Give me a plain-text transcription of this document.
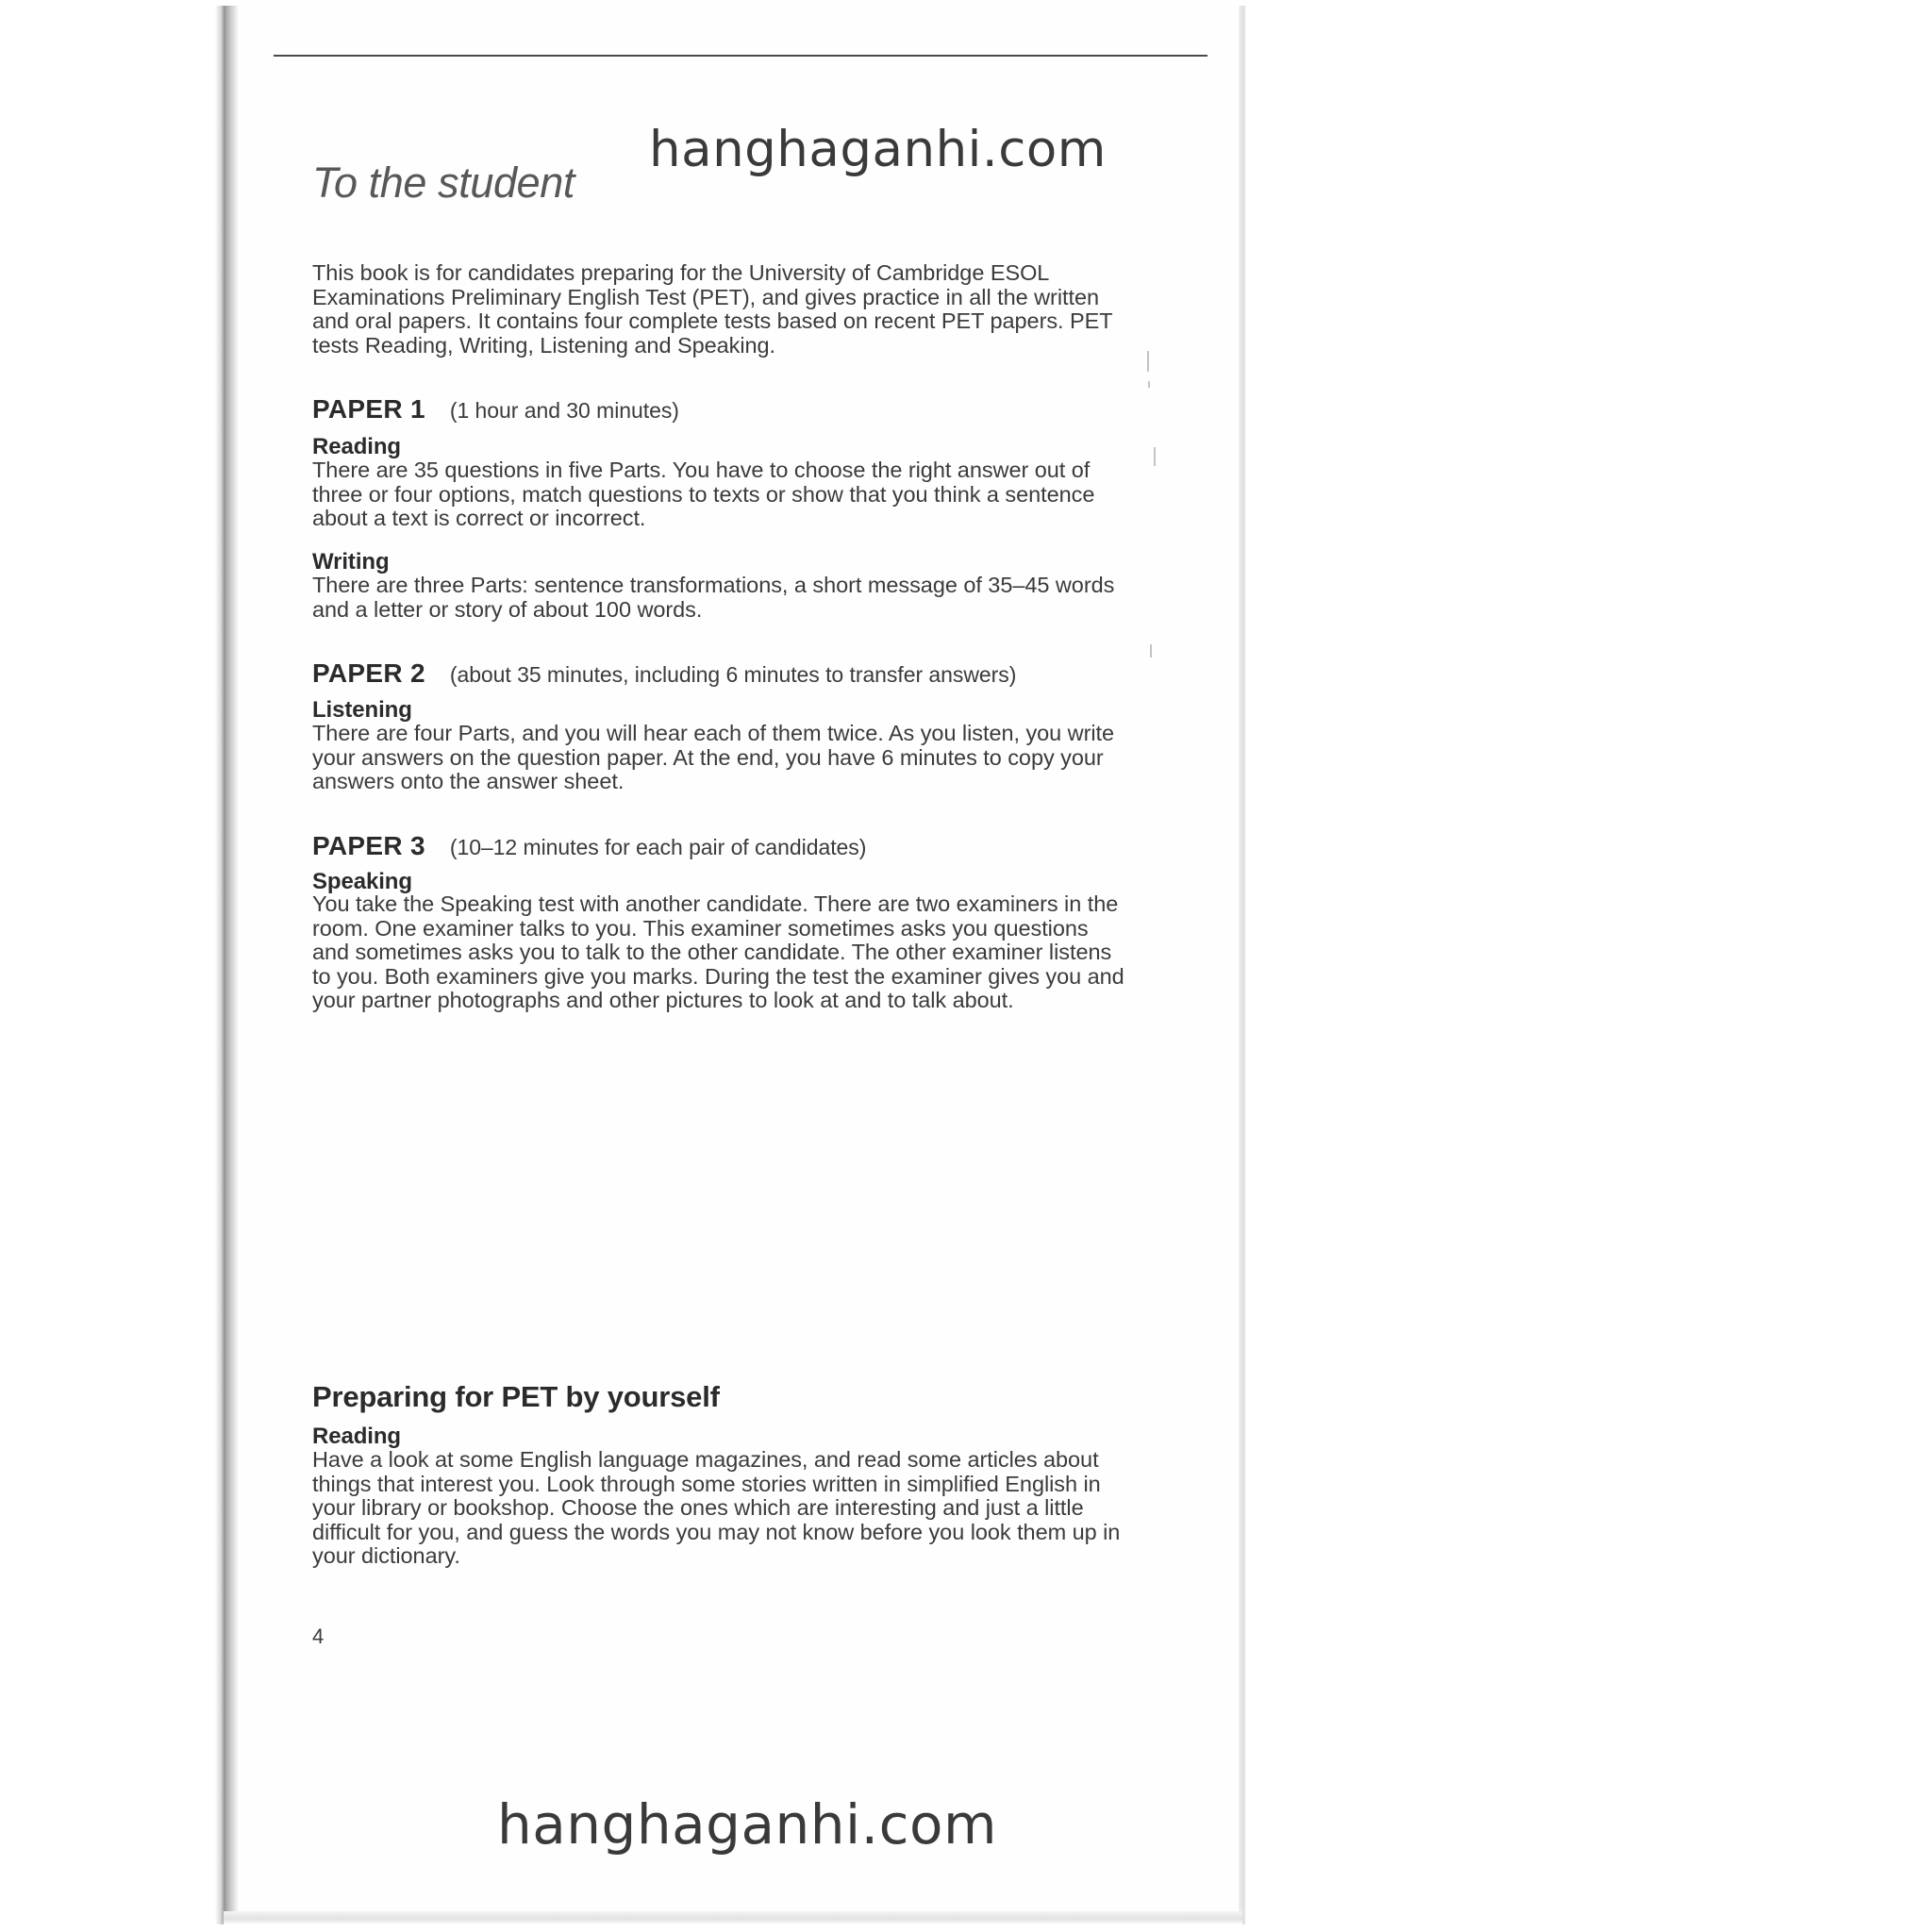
hanghaganhi.com
To the student
This book is for candidates preparing for the University of Cambridge ESOL
Examinations Preliminary English Test (PET), and gives practice in all the written
and oral papers. It contains four complete tests based on recent PET papers. PET
tests Reading, Writing, Listening and Speaking.
PAPER 1 (1 hour and 30 minutes)
Reading
There are 35 questions in five Parts. You have to choose the right answer out of
three or four options, match questions to texts or show that you think a sentence
about a text is correct or incorrect.
Writing
There are three Parts: sentence transformations, a short message of 35–45 words
and a letter or story of about 100 words.
PAPER 2 (about 35 minutes, including 6 minutes to transfer answers)
Listening
There are four Parts, and you will hear each of them twice. As you listen, you write
your answers on the question paper. At the end, you have 6 minutes to copy your
answers onto the answer sheet.
PAPER 3 (10–12 minutes for each pair of candidates)
Speaking
You take the Speaking test with another candidate. There are two examiners in the
room. One examiner talks to you. This examiner sometimes asks you questions
and sometimes asks you to talk to the other candidate. The other examiner listens
to you. Both examiners give you marks. During the test the examiner gives you and
your partner photographs and other pictures to look at and to talk about.
Preparing for PET by yourself
Reading
Have a look at some English language magazines, and read some articles about
things that interest you. Look through some stories written in simplified English in
your library or bookshop. Choose the ones which are interesting and just a little
difficult for you, and guess the words you may not know before you look them up in
your dictionary.
4
hanghaganhi.com
